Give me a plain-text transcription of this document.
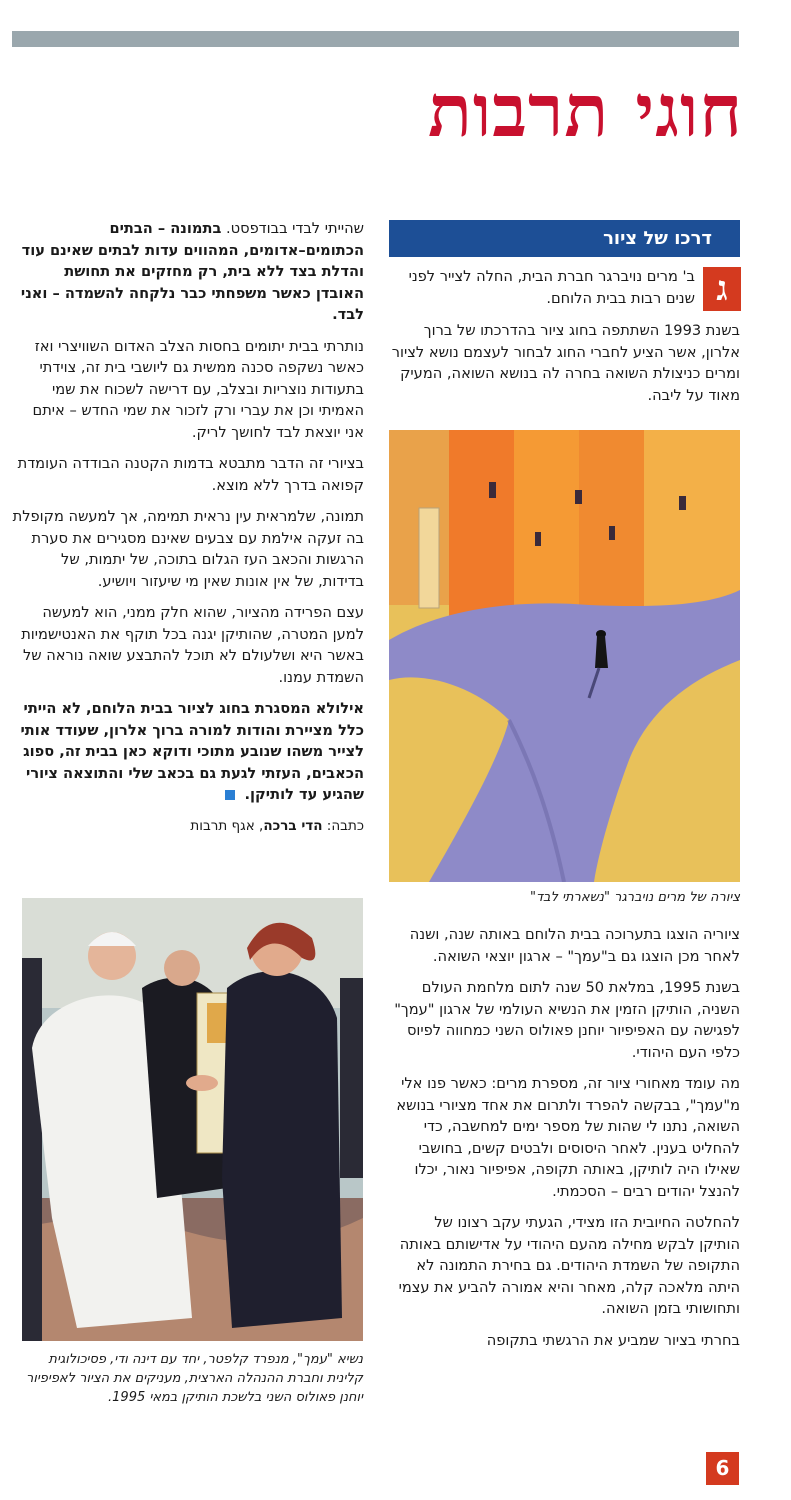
חוגי תרבות
דרכו של ציור
ג

ב' מרים נויברגר חברת הבית, החלה לצייר לפני שנים רבות בבית הלוחם.

בשנת 1993 השתתפה בחוג ציור בהדרכתו של ברוך אלרון, אשר הציע לחברי החוג לבחור לעצמם נושא לציור ומרים כניצולת השואה בחרה לה בנושא השואה, המעיק מאוד על ליבה.

ציורה של מרים נויברגר "נשארתי לבד"

ציוריה הוצגו בתערוכה בבית הלוחם באותה שנה, ושנה לאחר מכן הוצגו גם ב"עמך" – ארגון יוצאי השואה.

בשנת 1995, במלאת 50 שנה לתום מלחמת העולם השניה, הותיקן הזמין את הנשיא העולמי של ארגון "עמך" לפגישה עם האפיפיור יוחנן פאולוס השני כמחווה לפיוס כלפי העם היהודי.

מה עומד מאחורי ציור זה, מספרת מרים: כאשר פנו אלי מ"עמך", בבקשה להפרד ולתרום את אחד מציורי בנושא השואה, נתנו לי שהות של מספר ימים למחשבה, כדי להחליט בענין. לאחר היסוסים ולבטים קשים, בחושבי שאילו היה לותיקן, באותה תקופה, אפיפיור נאור, יכלו להנצל יהודים רבים – הסכמתי.

להחלטה החיובית הזו מצידי, הגעתי עקב רצונו של הותיקן לבקש מחילה מהעם היהודי על אדישותם באותה התקופה של השמדת היהודים. גם בחירת התמונה לא היתה מלאכה קלה, מאחר והיא אמורה להביע את עצמי ותחושותי בזמן השואה.

בחרתי בציור שמביע את הרגשתי בתקופה

שהייתי לבדי בבודפסט. בתמונה – הבתים הכתומים–אדומים, המהווים עדות לבתים שאינם עוד והדלת בצד ללא בית, רק מחזקים את תחושת האובדן כאשר משפחתי כבר נלקחה להשמדה – ואני לבד.

נותרתי בבית יתומים בחסות הצלב האדום השוויצרי ואז כאשר נשקפה סכנה ממשית גם ליושבי בית זה, צוידתי בתעודות נוצריות ובצלב, עם דרישה לשכוח את שמי האמיתי וכן את עברי ורק לזכור את שמי החדש – איתם אני יוצאת לבד לחושך לריק.

בציורי זה הדבר מתבטא בדמות הקטנה הבודדה העומדת קפואה בדרך ללא מוצא.

תמונה, שלמראית עין נראית תמימה, אך למעשה מקופלת בה זעקה אילמת עם צבעים שאינם מסגירים את סערת הרגשות והכאב העז הגלום בתוכה, של יתמות, של בדידות, של אין אונות שאין מי שיעזור ויושיע.

עצם הפרידה מהציור, שהוא חלק ממני, הוא למעשה למען המטרה, שהותיקן יגנה בכל תוקף את האנטישמיות באשר היא ושלעולם לא תוכל להתבצע שואה נוראה של השמדת עמנו.

אילולא המסגרת בחוג לציור בבית הלוחם, לא הייתי כלל מציירת והודות למורה ברוך אלרון, שעודד אותי לצייר משהו שנובע מתוכי ודוקא כאן בבית זה, ספוג הכאבים, העזתי לגעת גם בכאב שלי והתוצאה ציורי שהגיע עד לותיקן.

כתבה: הדי ברכה, אגף תרבות

נשיא "עמך", מנפרד קלפטר, יחד עם דינה ודי, פסיכולוגית קלינית וחברת ההנהלה הארצית, מעניקים את הציור לאפיפיור יוחנן פאולוס השני בלשכת הותיקן במאי 1995.

6
